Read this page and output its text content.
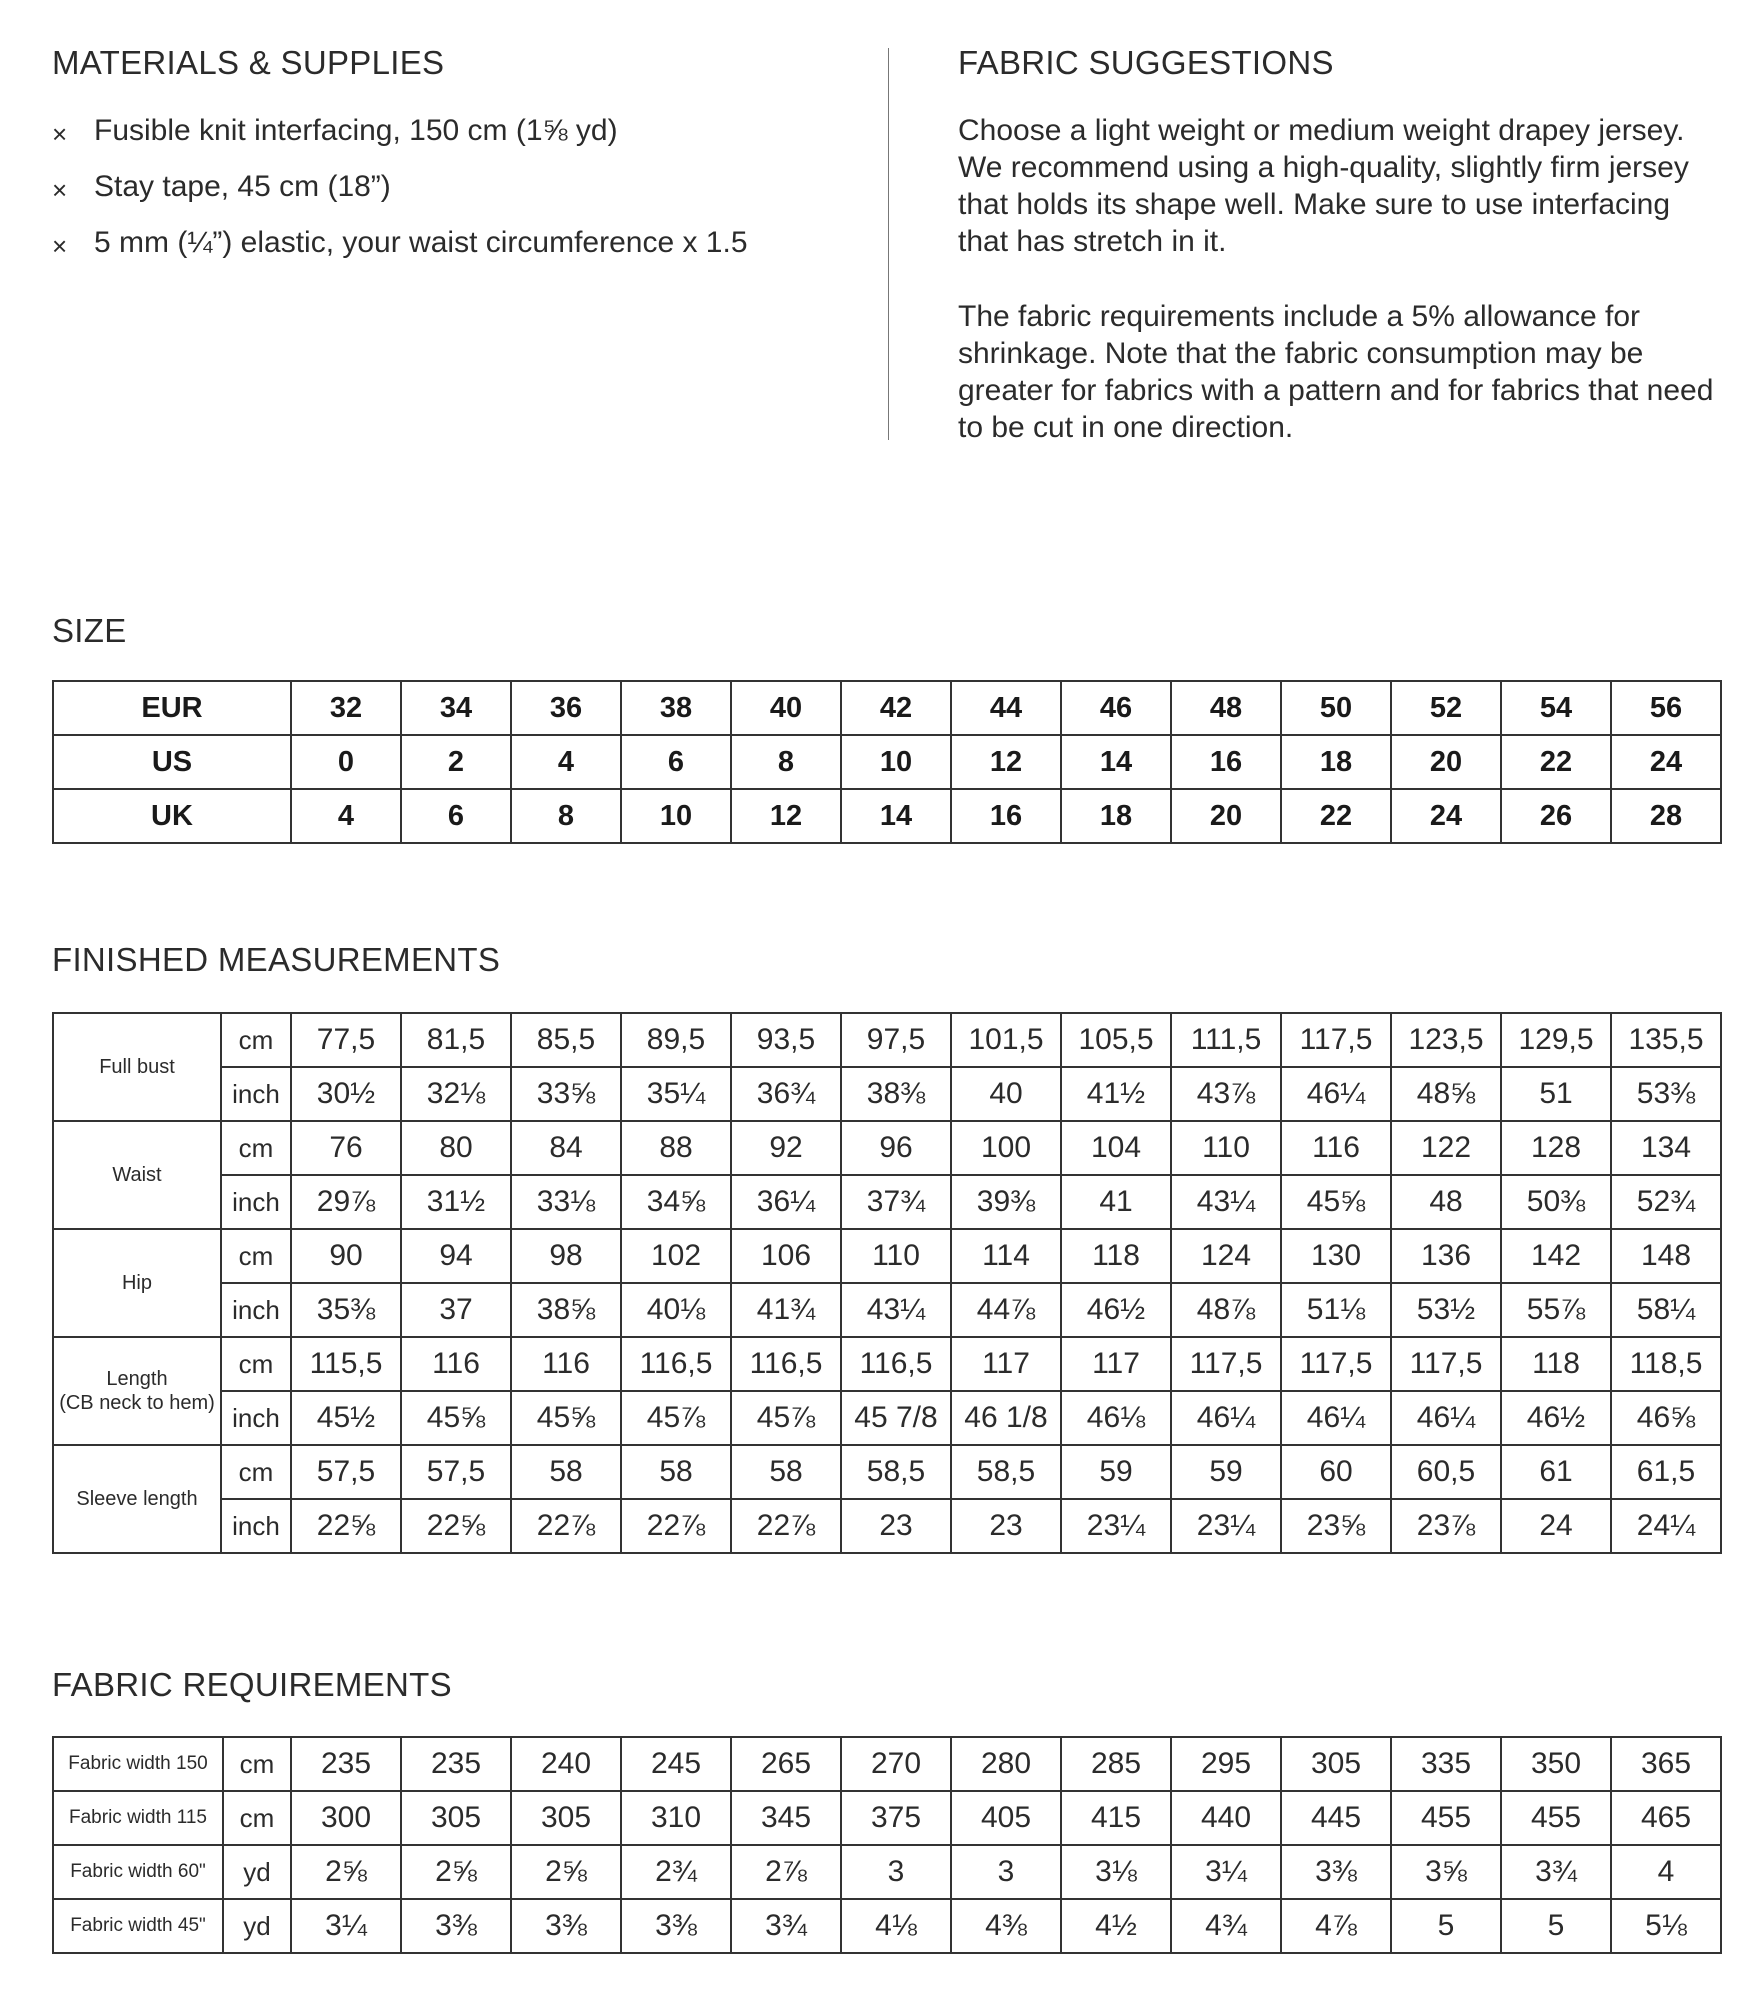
MATERIALS & SUPPLIES
× Fusible knit interfacing, 150 cm (1⅝ yd)
× Stay tape, 45 cm (18”)
× 5 mm (¼”) elastic, your waist circumference x 1.5
FABRIC SUGGESTIONS
Choose a light weight or medium weight drapey jersey. We recommend using a high-quality, slightly firm jersey that holds its shape well. Make sure to use interfacing that has stretch in it.
The fabric requirements include a 5% allowance for shrinkage. Note that the fabric consumption may be greater for fabrics with a pattern and for fabrics that need to be cut in one direction.
SIZE
EUR	32	34	36	38	40	42	44	46	48	50	52	54	56
US	0	2	4	6	8	10	12	14	16	18	20	22	24
UK	4	6	8	10	12	14	16	18	20	22	24	26	28
FINISHED MEASUREMENTS
Full bust	cm	77,5	81,5	85,5	89,5	93,5	97,5	101,5	105,5	111,5	117,5	123,5	129,5	135,5
	inch	30½	32⅛	33⅝	35¼	36¾	38⅜	40	41½	43⅞	46¼	48⅝	51	53⅜
Waist	cm	76	80	84	88	92	96	100	104	110	116	122	128	134
	inch	29⅞	31½	33⅛	34⅝	36¼	37¾	39⅜	41	43¼	45⅝	48	50⅜	52¾
Hip	cm	90	94	98	102	106	110	114	118	124	130	136	142	148
	inch	35⅜	37	38⅝	40⅛	41¾	43¼	44⅞	46½	48⅞	51⅛	53½	55⅞	58¼
Length
(CB neck to hem)	cm	115,5	116	116	116,5	116,5	116,5	117	117	117,5	117,5	117,5	118	118,5
	inch	45½	45⅝	45⅝	45⅞	45⅞	45 7/8	46 1/8	46⅛	46¼	46¼	46¼	46½	46⅝
Sleeve length	cm	57,5	57,5	58	58	58	58,5	58,5	59	59	60	60,5	61	61,5
	inch	22⅝	22⅝	22⅞	22⅞	22⅞	23	23	23¼	23¼	23⅝	23⅞	24	24¼
FABRIC REQUIREMENTS
Fabric width 150	cm	235	235	240	245	265	270	280	285	295	305	335	350	365
Fabric width 115	cm	300	305	305	310	345	375	405	415	440	445	455	455	465
Fabric width 60"	yd	2⅝	2⅝	2⅝	2¾	2⅞	3	3	3⅛	3¼	3⅜	3⅝	3¾	4
Fabric width 45"	yd	3¼	3⅜	3⅜	3⅜	3¾	4⅛	4⅜	4½	4¾	4⅞	5	5	5⅛
